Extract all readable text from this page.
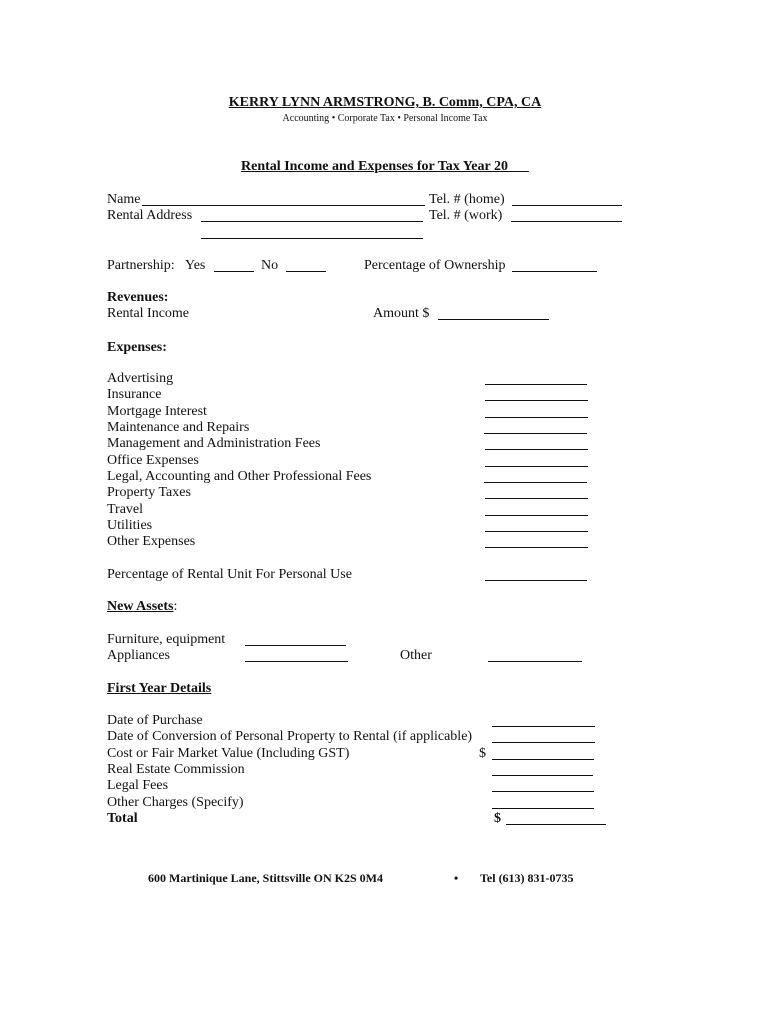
KERRY LYNN ARMSTRONG, B. Comm, CPA, CA
Accounting • Corporate Tax • Personal Income Tax
Rental Income and Expenses for Tax Year 20___
Name	Tel. # (home)
Rental Address	Tel. # (work)
Partnership: Yes	No	Percentage of Ownership
Revenues:
Rental Income	Amount $
Expenses:
Advertising
Insurance
Mortgage Interest
Maintenance and Repairs
Management and Administration Fees
Office Expenses
Legal, Accounting and Other Professional Fees
Property Taxes
Travel
Utilities
Other Expenses
Percentage of Rental Unit For Personal Use
New Assets:
Furniture, equipment
Appliances	Other
First Year Details
Date of Purchase
Date of Conversion of Personal Property to Rental (if applicable)
Cost or Fair Market Value (Including GST)	$
Real Estate Commission
Legal Fees
Other Charges (Specify)
Total	$
600 Martinique Lane, Stittsville ON K2S 0M4	• Tel (613) 831-0735
